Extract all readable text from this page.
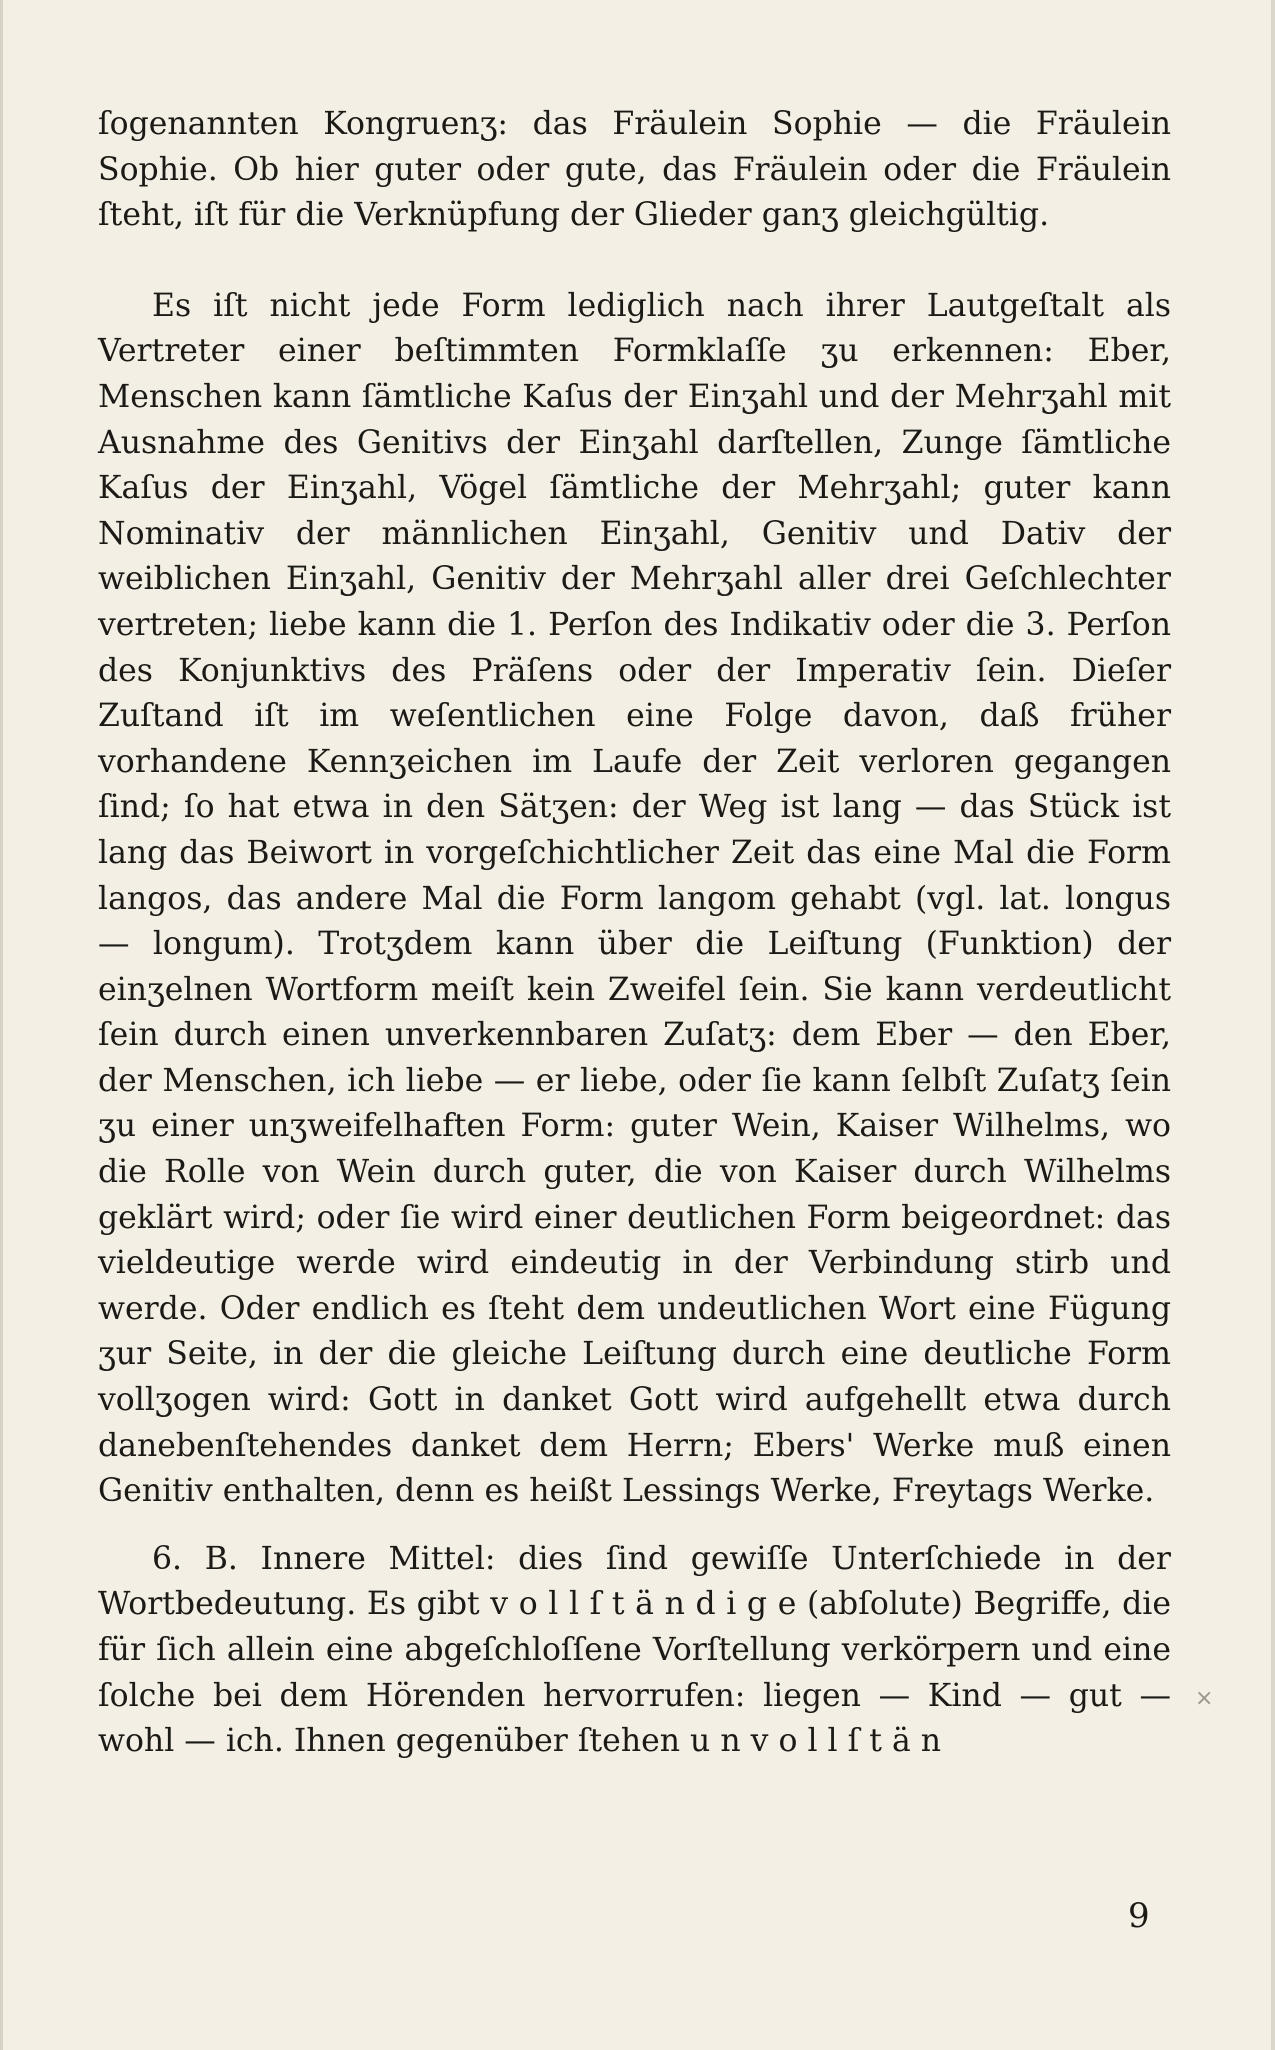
ſogenannten Kongruenʒ: das Fräulein Sophie — die Fräulein Sophie. Ob hier guter oder gute, das Fräulein oder die Fräulein ſteht, iſt für die Verknüpfung der Glieder ganʒ gleichgültig.

Es iſt nicht jede Form lediglich nach ihrer Lautgeſtalt als Vertreter einer beſtimmten Formklaſſe ʒu erkennen: Eber, Menschen kann ſämtliche Kaſus der Einʒahl und der Mehrʒahl mit Ausnahme des Genitivs der Einʒahl darſtellen, Zunge ſämtliche Kaſus der Einʒahl, Vögel ſämtliche der Mehrʒahl; guter kann Nominativ der männlichen Einʒahl, Genitiv und Dativ der weiblichen Einʒahl, Genitiv der Mehrʒahl aller drei Geſchlechter vertreten; liebe kann die 1. Perſon des Indikativ oder die 3. Perſon des Konjunktivs des Präſens oder der Imperativ ſein. Dieſer Zuſtand iſt im weſentlichen eine Folge davon, daß früher vorhandene Kennʒeichen im Laufe der Zeit verloren gegangen ſind; ſo hat etwa in den Sätʒen: der Weg ist lang — das Stück ist lang das Beiwort in vorgeſchichtlicher Zeit das eine Mal die Form langos, das andere Mal die Form langom gehabt (vgl. lat. longus — longum). Trotʒdem kann über die Leiſtung (Funktion) der einʒelnen Wortform meiſt kein Zweifel ſein. Sie kann verdeutlicht ſein durch einen unverkennbaren Zuſatʒ: dem Eber — den Eber, der Menschen, ich liebe — er liebe, oder ſie kann ſelbſt Zuſatʒ ſein ʒu einer unʒweifelhaften Form: guter Wein, Kaiser Wilhelms, wo die Rolle von Wein durch guter, die von Kaiser durch Wilhelms geklärt wird; oder ſie wird einer deutlichen Form beigeordnet: das vieldeutige werde wird eindeutig in der Verbindung stirb und werde. Oder endlich es ſteht dem undeutlichen Wort eine Fügung ʒur Seite, in der die gleiche Leiſtung durch eine deutliche Form vollʒogen wird: Gott in danket Gott wird aufgehellt etwa durch danebenſtehendes danket dem Herrn; Ebers' Werke muß einen Genitiv enthalten, denn es heißt Lessings Werke, Freytags Werke.

6. B. Innere Mittel: dies ſind gewiſſe Unterſchiede in der Wortbedeutung. Es gibt v o l l ſ t ä n d i g e (abſolute) Begriffe, die für ſich allein eine abgeſchloſſene Vorſtellung verkörpern und eine ſolche bei dem Hörenden hervorrufen: liegen — Kind — gut — wohl — ich. Ihnen gegenüber ſtehen u n v o l l ſ t ä n

×
9
